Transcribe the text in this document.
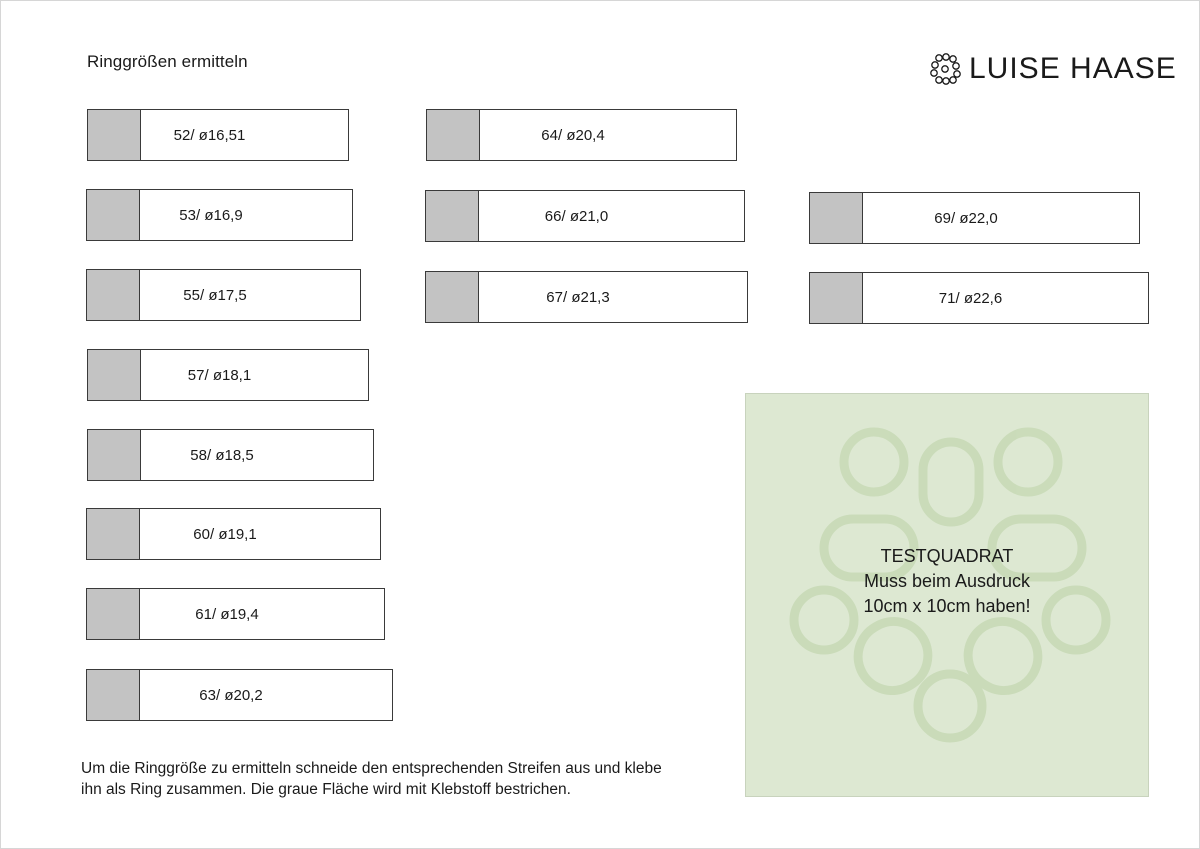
Ringgrößen ermitteln	LUISE HAASE
52/ ø16,51
53/ ø16,9
55/ ø17,5
57/ ø18,1
58/ ø18,5
60/ ø19,1
61/ ø19,4
63/ ø20,2
64/ ø20,4
66/ ø21,0
67/ ø21,3
69/ ø22,0
71/ ø22,6
Um die Ringgröße zu ermitteln schneide den entsprechenden Streifen aus und klebe
ihn als Ring zusammen. Die graue Fläche wird mit Klebstoff bestrichen.
TESTQUADRAT
Muss beim Ausdruck
10cm x 10cm haben!
